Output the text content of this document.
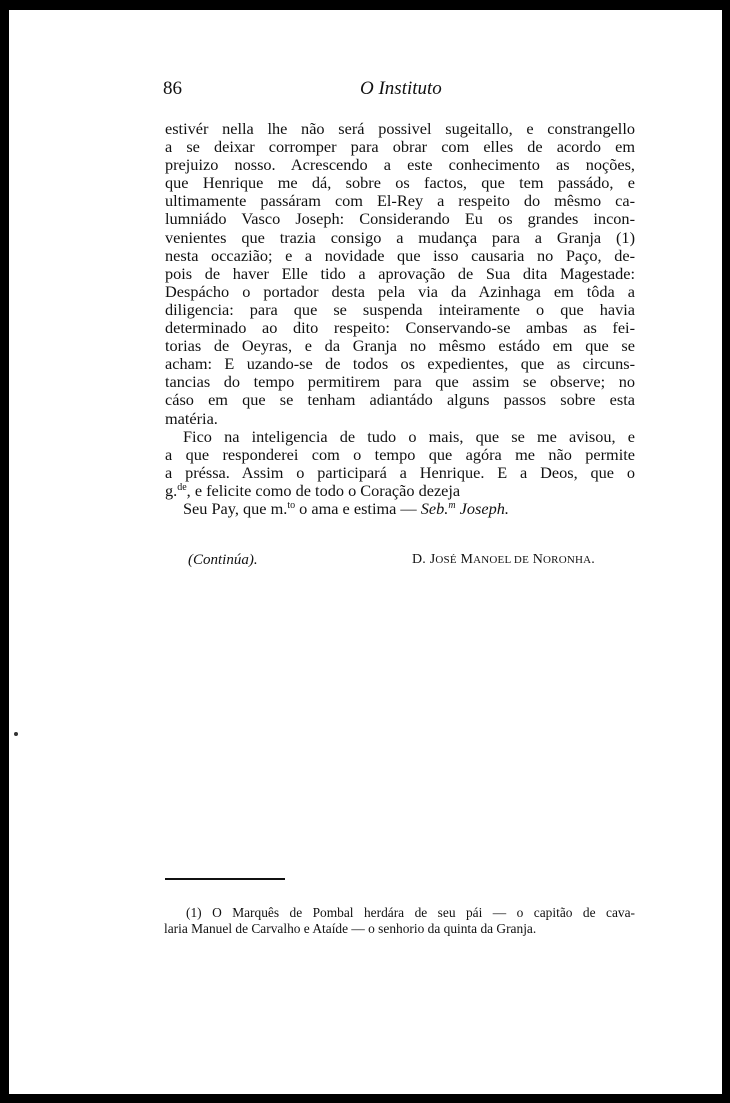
86	O Instituto
estivér nella lhe não será possivel sugeitallo, e constrangello
a se deixar corromper para obrar com elles de acordo em
prejuizo nosso. Acrescendo a este conhecimento as noções,
que Henrique me dá, sobre os factos, que tem passádo, e
ultimamente passáram com El-Rey a respeito do mêsmo ca-
lumniádo Vasco Joseph: Considerando Eu os grandes incon-
venientes que trazia consigo a mudança para a Granja (1)
nesta occazião; e a novidade que isso causaria no Paço, de-
pois de haver Elle tido a aprovação de Sua dita Magestade:
Despácho o portador desta pela via da Azinhaga em tôda a
diligencia: para que se suspenda inteiramente o que havia
determinado ao dito respeito: Conservando-se ambas as fei-
torias de Oeyras, e da Granja no mêsmo estádo em que se
acham: E uzando-se de todos os expedientes, que as circuns-
tancias do tempo permitirem para que assim se observe; no
cáso em que se tenham adiantádo alguns passos sobre esta
matéria.
Fico na inteligencia de tudo o mais, que se me avisou, e
a que responderei com o tempo que agóra me não permite
a préssa. Assim o participará a Henrique. E a Deos, que o
g.$^{de}$, e felicite como de todo o Coração dezeja
Seu Pay, que m.$^{to}$ o ama e estima — Seb.$^m$ Joseph.
(Continúa).	D. JOSÉ MANOEL DE NORONHA.
(1) O Marquês de Pombal herdára de seu pái — o capitão de cava-
laria Manuel de Carvalho e Ataíde — o senhorio da quinta da Granja.
